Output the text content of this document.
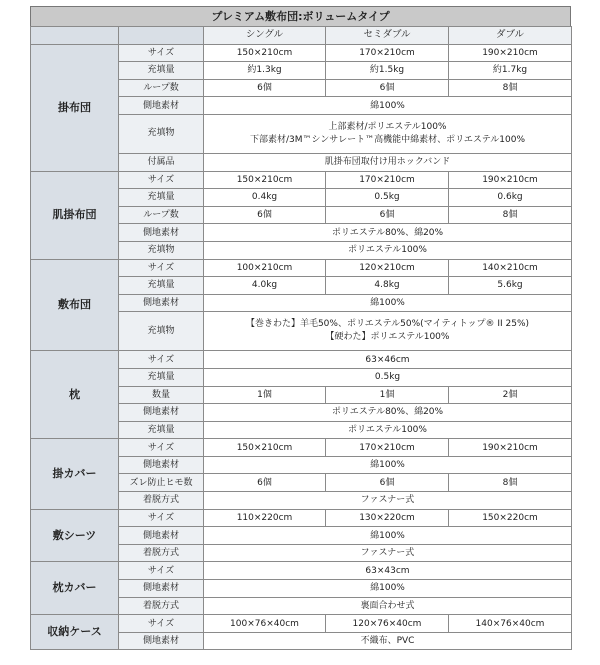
プレミアム敷布団:ボリュームタイプ
		シングル	セミダブル	ダブル
掛布団	サイズ	150×210cm	170×210cm	190×210cm
	充填量	約1.3kg	約1.5kg	約1.7kg
	ループ数	6個	6個	8個
	側地素材	綿100%		
	充填物	上部素材/ポリエステル100%
下部素材/3M™シンサレート™高機能中綿素材、ポリエステル100%		

	付属品	肌掛布団取付け用ホックバンド		
肌掛布団	サイズ	150×210cm	170×210cm	190×210cm
	充填量	0.4kg	0.5kg	0.6kg
	ループ数	6個	6個	8個
	側地素材	ポリエステル80%、綿20%		
	充填物	ポリエステル100%		
敷布団	サイズ	100×210cm	120×210cm	140×210cm
	充填量	4.0kg	4.8kg	5.6kg
	側地素材	綿100%		
	充填物	【巻きわた】羊毛50%、ポリエステル50%(マイティトップ® II 25%)
【硬わた】ポリエステル100%		

枕	サイズ	63×46cm		
	充填量	0.5kg		
	数量	1個	1個	2個
	側地素材	ポリエステル80%、綿20%		
	充填量	ポリエステル100%		
掛カバー	サイズ	150×210cm	170×210cm	190×210cm
	側地素材	綿100%		
	ズレ防止ヒモ数	6個	6個	8個
	着脱方式	ファスナー式		
敷シーツ	サイズ	110×220cm	130×220cm	150×220cm
	側地素材	綿100%		
	着脱方式	ファスナー式		
枕カバー	サイズ	63×43cm		
	側地素材	綿100%		
	着脱方式	裏面合わせ式		
収納ケース	サイズ	100×76×40cm	120×76×40cm	140×76×40cm
	側地素材	不織布、PVC		
